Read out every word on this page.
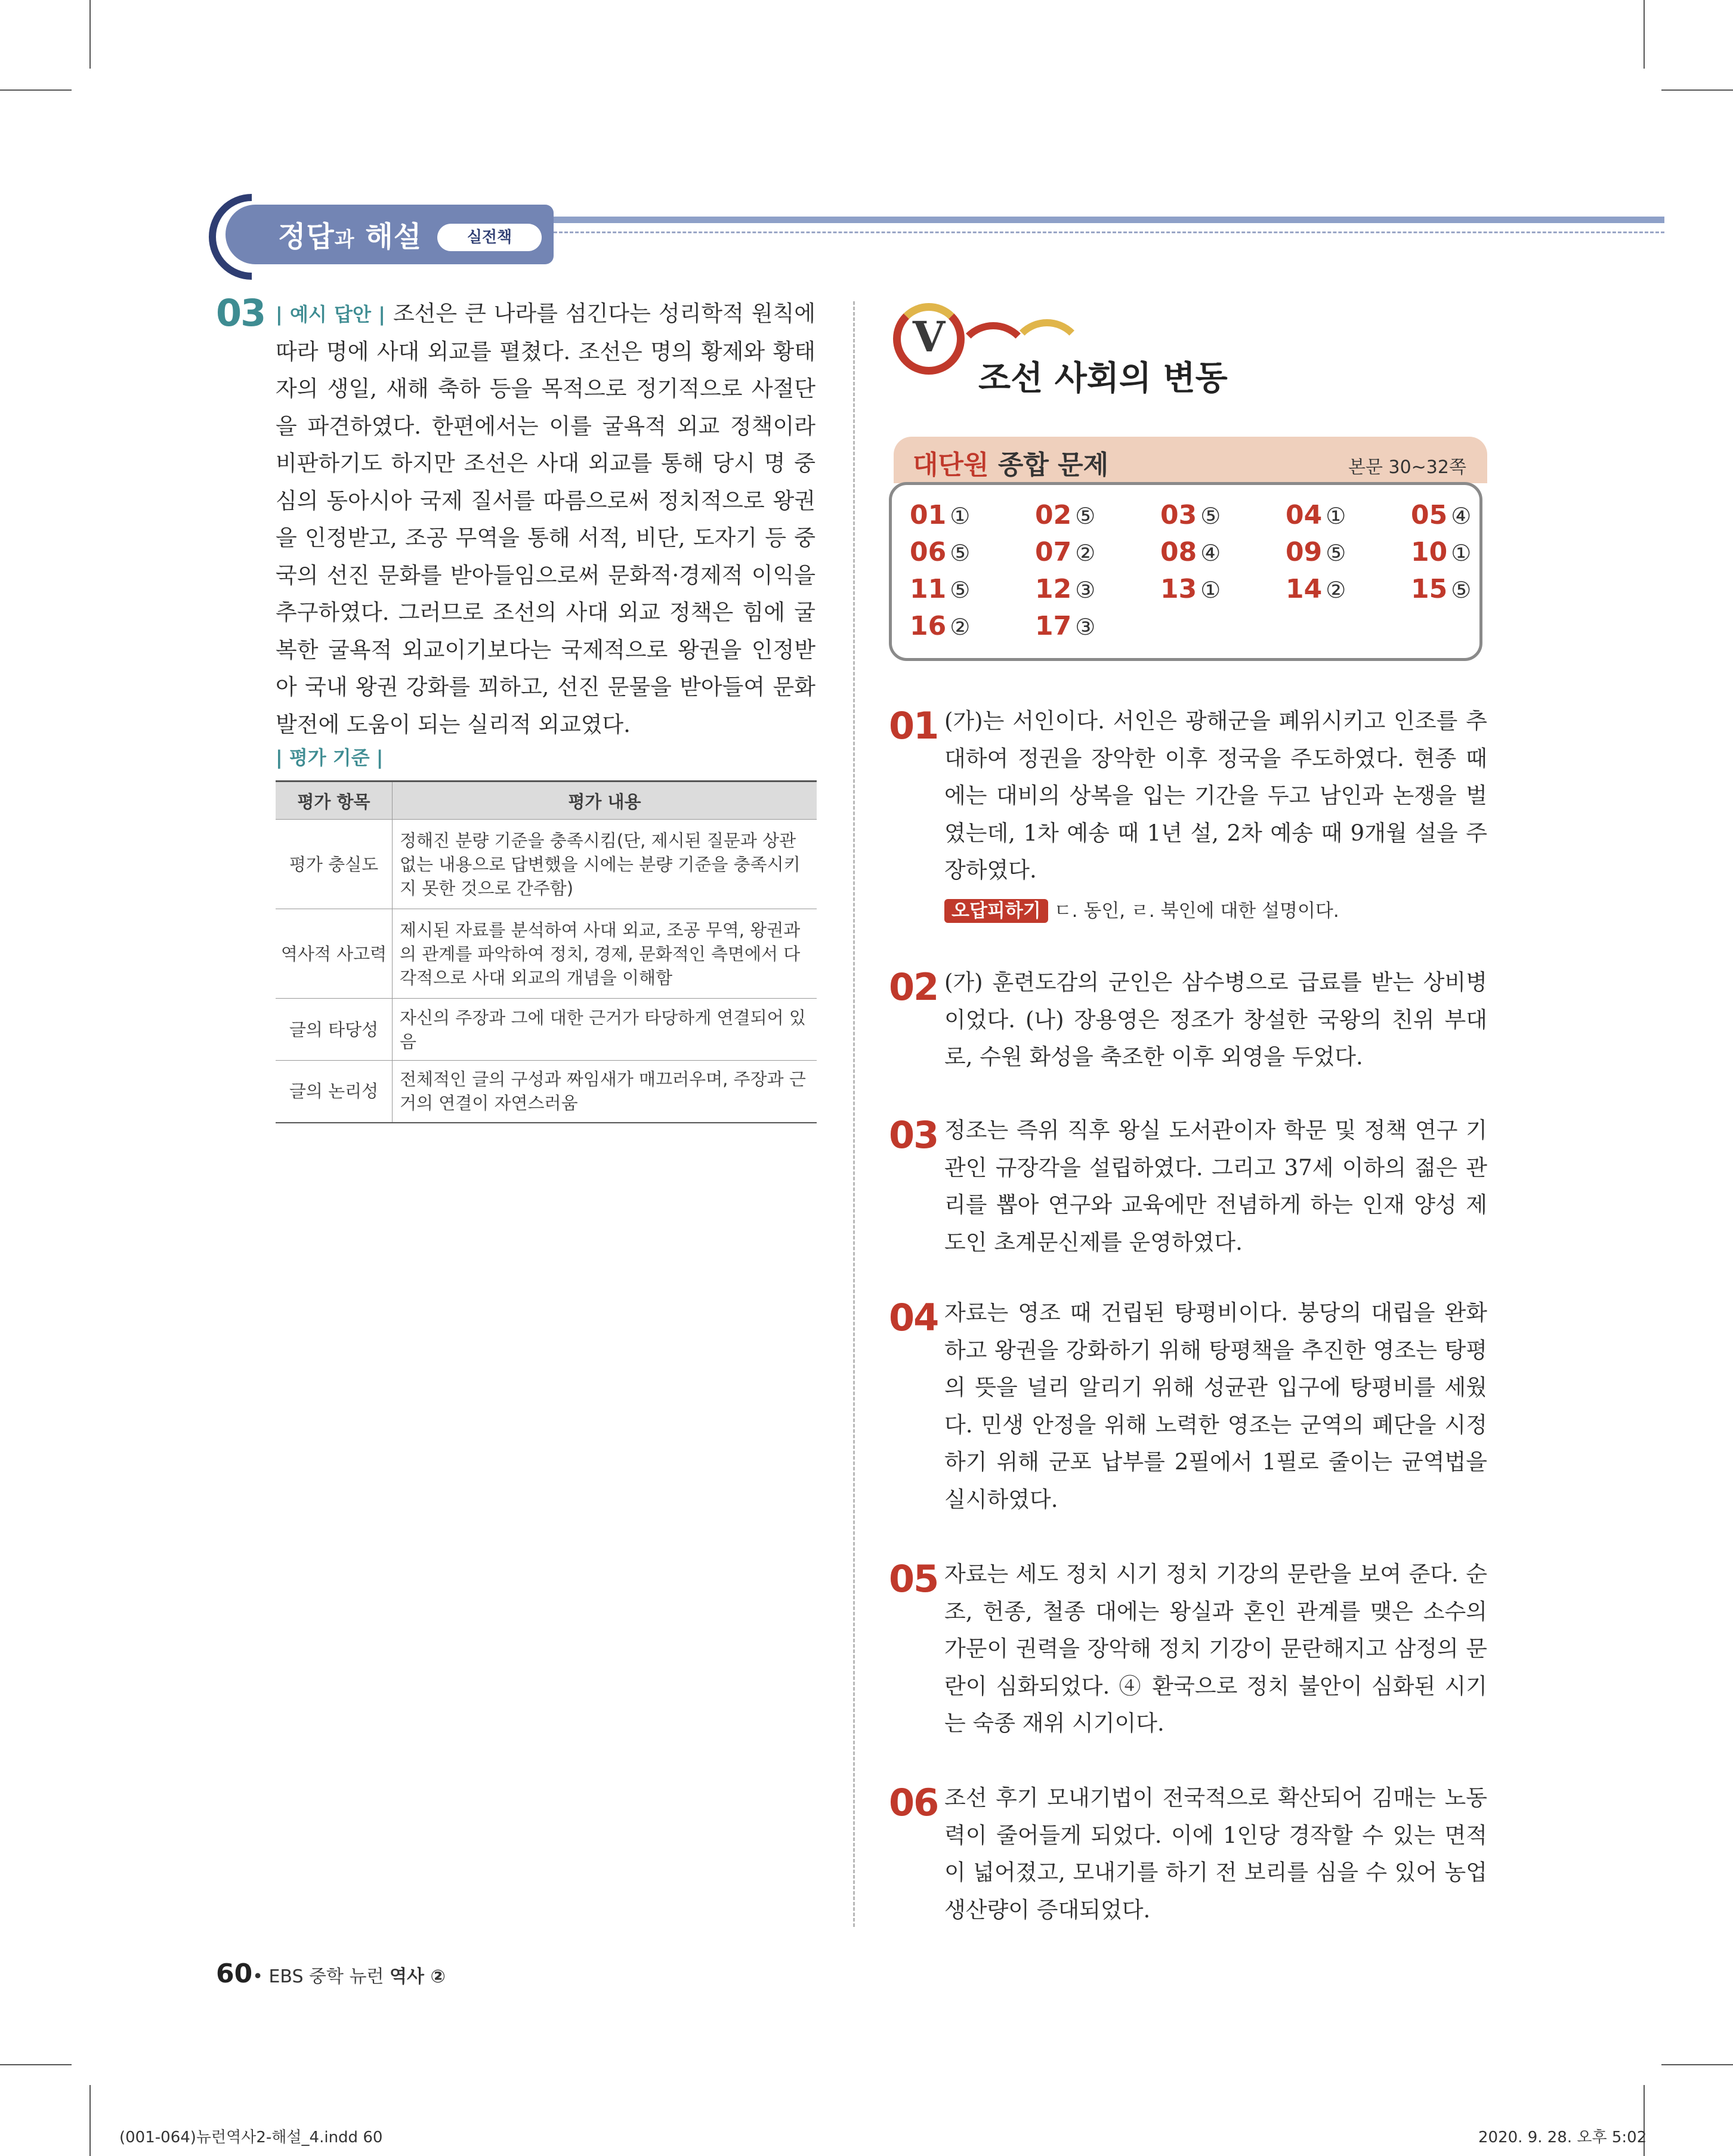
정답과 해설	실전책
03 | 예시 답안 | 조선은 큰 나라를 섬긴다는 성리학적 원칙에 따라 명에 사대 외교를 펼쳤다. 조선은 명의 황제와 황태자의 생일, 새해 축하 등을 목적으로 정기적으로 사절단을 파견하였다. 한편에서는 이를 굴욕적 외교 정책이라 비판하기도 하지만 조선은 사대 외교를 통해 당시 명 중심의 동아시아 국제 질서를 따름으로써 정치적으로 왕권을 인정받고, 조공 무역을 통해 서적, 비단, 도자기 등 중국의 선진 문화를 받아들임으로써 문화적·경제적 이익을 추구하였다. 그러므로 조선의 사대 외교 정책은 힘에 굴복한 굴욕적 외교이기보다는 국제적으로 왕권을 인정받아 국내 왕권 강화를 꾀하고, 선진 문물을 받아들여 문화 발전에 도움이 되는 실리적 외교였다.
| 평가 기준 |
평가 항목	평가 내용
평가 충실도	정해진 분량 기준을 충족시킴(단, 제시된 질문과 상관없는 내용으로 답변했을 시에는 분량 기준을 충족시키지 못한 것으로 간주함)
역사적 사고력	제시된 자료를 분석하여 사대 외교, 조공 무역, 왕권과의 관계를 파악하여 정치, 경제, 문화적인 측면에서 다각적으로 사대 외교의 개념을 이해함
글의 타당성	자신의 주장과 그에 대한 근거가 타당하게 연결되어 있음
글의 논리성	전체적인 글의 구성과 짜임새가 매끄러우며, 주장과 근거의 연결이 자연스러움
V
조선 사회의 변동
대단원 종합 문제	본문 30~32쪽
01 ① 02 ⑤ 03 ⑤ 04 ① 05 ④
06 ⑤ 07 ② 08 ④ 09 ⑤ 10 ①
11 ⑤ 12 ③ 13 ① 14 ② 15 ⑤
16 ② 17 ③
01 (가)는 서인이다. 서인은 광해군을 폐위시키고 인조를 추대하여 정권을 장악한 이후 정국을 주도하였다. 현종 때에는 대비의 상복을 입는 기간을 두고 남인과 논쟁을 벌였는데, 1차 예송 때 1년 설, 2차 예송 때 9개월 설을 주장하였다.
오답피하기 ㄷ. 동인, ㄹ. 북인에 대한 설명이다.
02 (가) 훈련도감의 군인은 삼수병으로 급료를 받는 상비병이었다. (나) 장용영은 정조가 창설한 국왕의 친위 부대로, 수원 화성을 축조한 이후 외영을 두었다.
03 정조는 즉위 직후 왕실 도서관이자 학문 및 정책 연구 기관인 규장각을 설립하였다. 그리고 37세 이하의 젊은 관리를 뽑아 연구와 교육에만 전념하게 하는 인재 양성 제도인 초계문신제를 운영하였다.
04 자료는 영조 때 건립된 탕평비이다. 붕당의 대립을 완화하고 왕권을 강화하기 위해 탕평책을 추진한 영조는 탕평의 뜻을 널리 알리기 위해 성균관 입구에 탕평비를 세웠다. 민생 안정을 위해 노력한 영조는 군역의 폐단을 시정하기 위해 군포 납부를 2필에서 1필로 줄이는 균역법을 실시하였다.
05 자료는 세도 정치 시기 정치 기강의 문란을 보여 준다. 순조, 헌종, 철종 대에는 왕실과 혼인 관계를 맺은 소수의 가문이 권력을 장악해 정치 기강이 문란해지고 삼정의 문란이 심화되었다. ④ 환국으로 정치 불안이 심화된 시기는 숙종 재위 시기이다.
06 조선 후기 모내기법이 전국적으로 확산되어 김매는 노동력이 줄어들게 되었다. 이에 1인당 경작할 수 있는 면적이 넓어졌고, 모내기를 하기 전 보리를 심을 수 있어 농업 생산량이 증대되었다.
60• EBS 중학 뉴런 역사 ②
(001-064)뉴런역사2-해설_4.indd 60	2020. 9. 28. 오후 5:02
